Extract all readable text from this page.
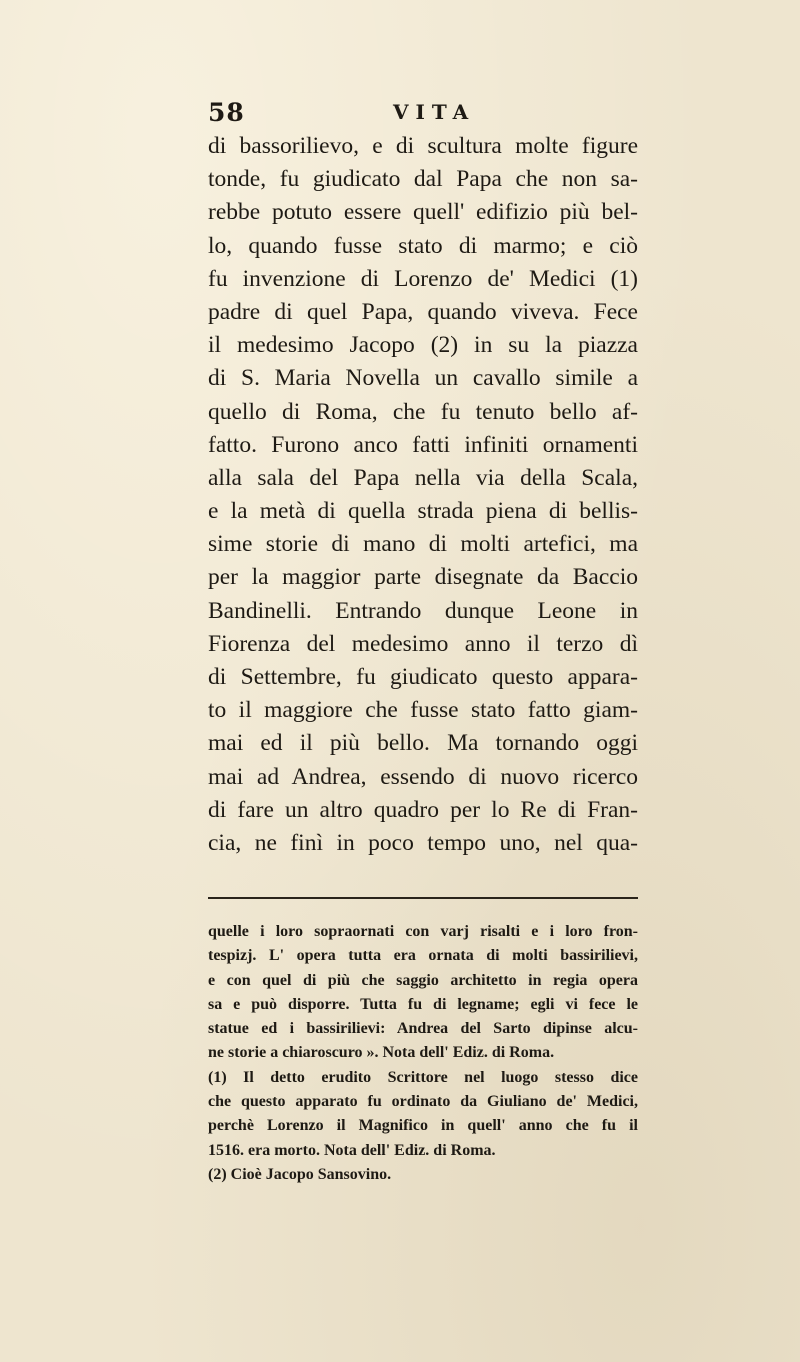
58	VITA
di bassorilievo, e di scultura molte figure
tonde, fu giudicato dal Papa che non sa-
rebbe potuto essere quell' edifizio più bel-
lo, quando fusse stato di marmo; e ciò
fu invenzione di Lorenzo de' Medici (1)
padre di quel Papa, quando viveva. Fece
il medesimo Jacopo (2) in su la piazza
di S. Maria Novella un cavallo simile a
quello di Roma, che fu tenuto bello af-
fatto. Furono anco fatti infiniti ornamenti
alla sala del Papa nella via della Scala,
e la metà di quella strada piena di bellis-
sime storie di mano di molti artefici, ma
per la maggior parte disegnate da Baccio
Bandinelli. Entrando dunque Leone in
Fiorenza del medesimo anno il terzo dì
di Settembre, fu giudicato questo appara-
to il maggiore che fusse stato fatto giam-
mai ed il più bello. Ma tornando oggi
mai ad Andrea, essendo di nuovo ricerco
di fare un altro quadro per lo Re di Fran-
cia, ne finì in poco tempo uno, nel qua-
quelle i loro sopraornati con varj risalti e i loro fron-
tespizj. L' opera tutta era ornata di molti bassirilievi,
e con quel di più che saggio architetto in regia opera
sa e può disporre. Tutta fu di legname; egli vi fece le
statue ed i bassirilievi: Andrea del Sarto dipinse alcu-
ne storie a chiaroscuro ». Nota dell' Ediz. di Roma.
(1) Il detto erudito Scrittore nel luogo stesso dice
che questo apparato fu ordinato da Giuliano de' Medici,
perchè Lorenzo il Magnifico in quell' anno che fu il
1516. era morto. Nota dell' Ediz. di Roma.
(2) Cioè Jacopo Sansovino.
